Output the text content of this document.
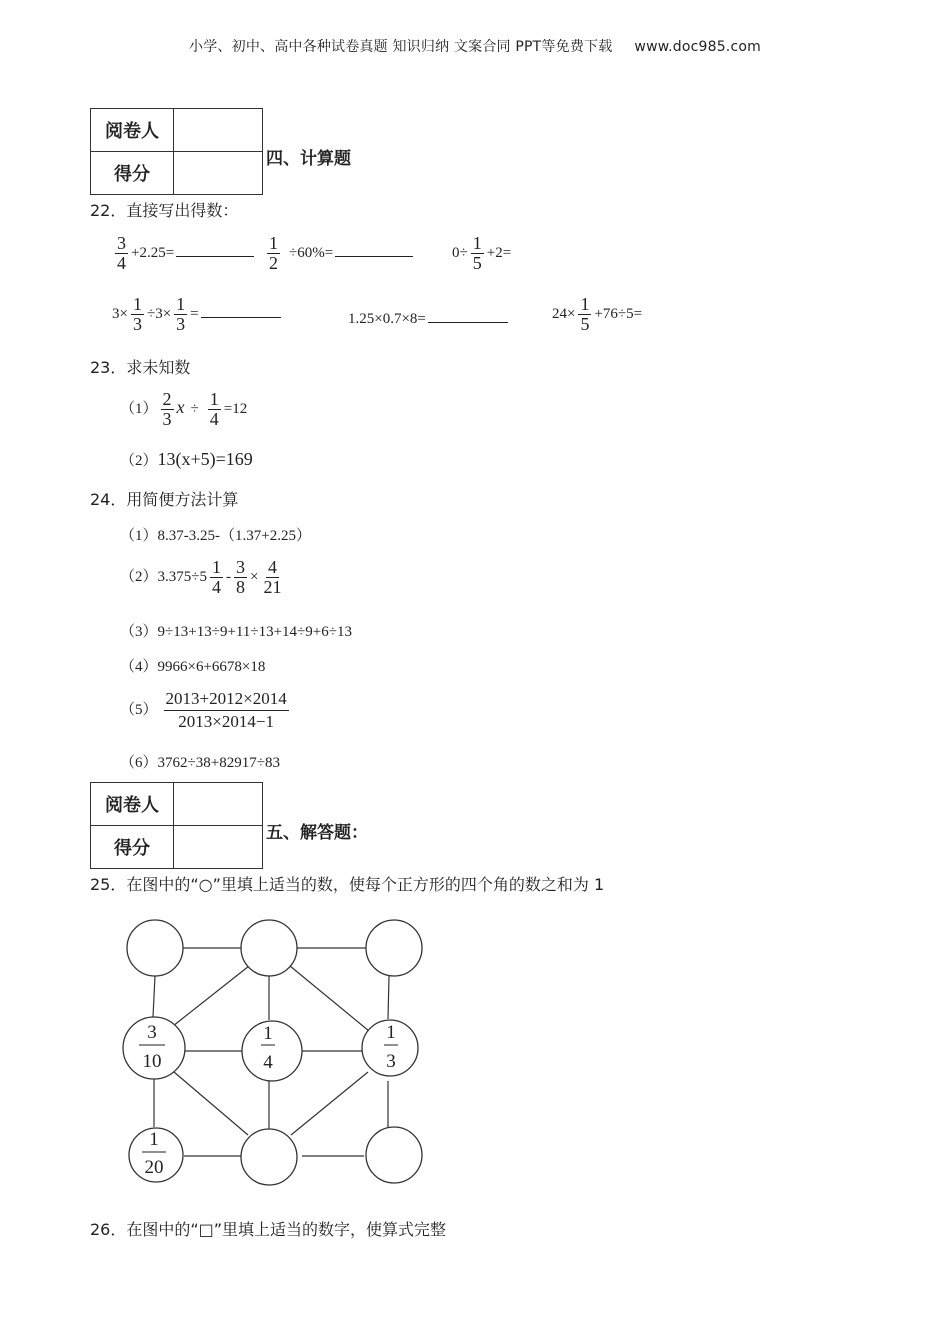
小学、初中、高中各种试卷真题 知识归纳 文案合同 PPT等免费下载 www.doc985.com
阅卷人	
得分	
四、计算题
22．直接写出得数：
$\frac{3}{4} +2.25=$	$\frac{1}{2} \div 60\%=$	$0\div \frac{1}{5} +2=$
$3\times \frac{1}{3} \div 3\times \frac{1}{3}$ =	1.25×0.7×8=	$24\times \frac{1}{5} +76\div 5=$
23．求未知数
$(1) \frac{2}{3}$ $x \div \frac{1}{4} =12$
（2）13(x+5)=169
24．用简便方法计算
（1）8.37-3.25-（1.37+2.25）
$(2)3.375\div 5 \frac{1}{4} - \frac{3}{8} \times \frac{4}{21}$
（3）9÷13+13÷9+11÷13+14÷9+6÷13
（4）9966×6+6678×18
$(5) \frac{2013+2012\times 2014}{2013\times 2014-1}$
（6）3762÷38+82917÷83
阅卷人	
得分	
五、解答题：
25．在图中的“○”里填上适当的数，使每个正方形的四个角的数之和为 1
3
10
1
4
1
3
1
20
26．在图中的“□”里填上适当的数字，使算式完整
